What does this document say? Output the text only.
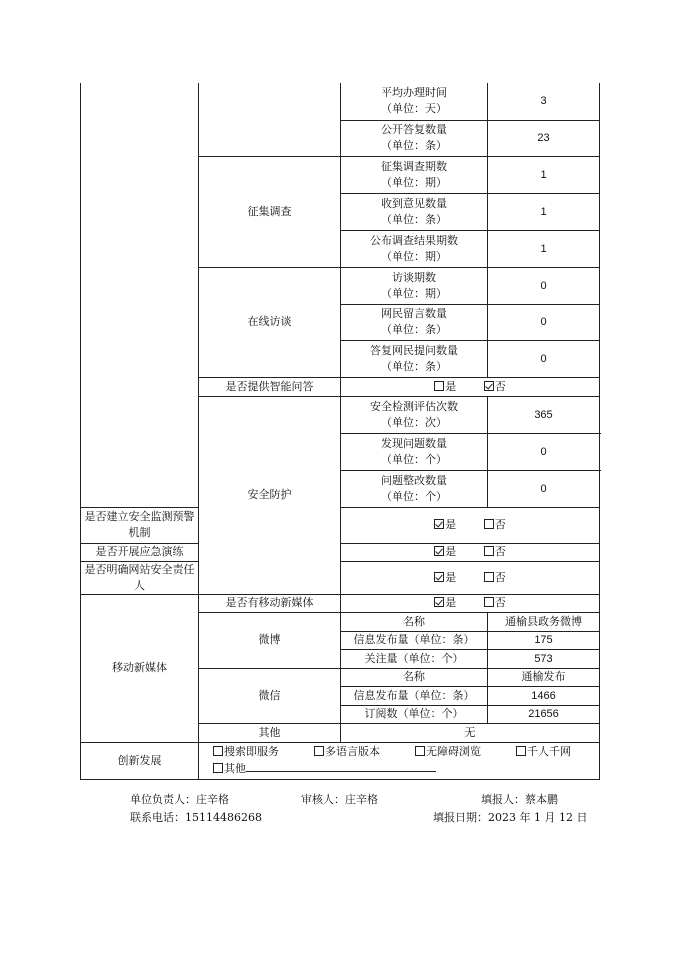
		平均办理时间
（单位：天）	3
		公开答复数量
（单位：条）	23
	征集调查	征集调查期数
（单位：期）	1
		收到意见数量
（单位：条）	1
		公布调查结果期数
（单位：期）	1
	在线访谈	访谈期数
（单位：期）	0
		网民留言数量
（单位：条）	0
		答复网民提问数量
（单位：条）	0
	是否提供智能问答	是 否	
	安全防护	安全检测评估次数
（单位：次）	365
		发现问题数量
（单位：个）	0
		问题整改数量
（单位：个）	0
是否建立安全监测预警机制		是 否	
是否开展应急演练		是 否	
是否明确网站安全责任人		是 否	
移动新媒体	是否有移动新媒体	是 否	
	微博	名称	通榆县政务微博
		信息发布量（单位：条）	175
		关注量（单位：个）	573
	微信	名称	通榆发布
		信息发布量（单位：条）	1466
		订阅数（单位：个）	21656
	其他	无	
创新发展	搜索即服务 多语言版本 无障碍浏览 千人千网
其他		
单位负责人：庄辛格	审核人：庄辛格	填报人：蔡本鹏
联系电话：15114486268	填报日期：2023 年 1 月 12 日
